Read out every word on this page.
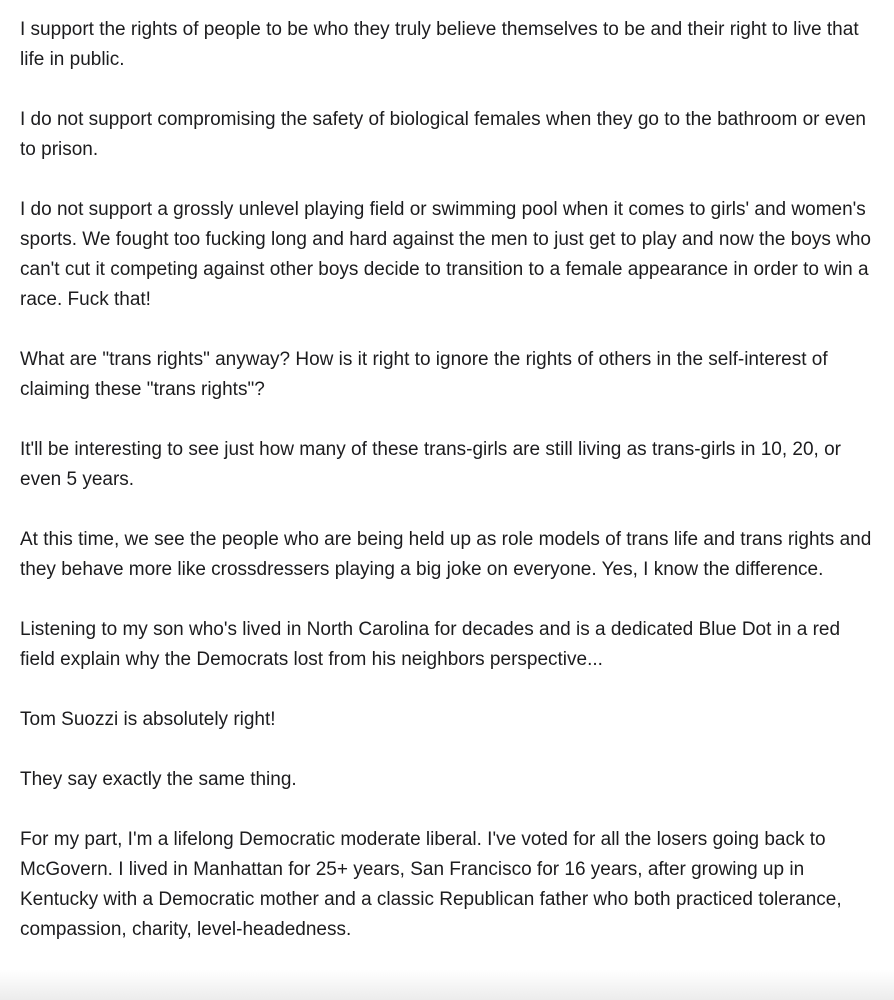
I support the rights of people to be who they truly believe themselves to be and their right to live that life in public.

I do not support compromising the safety of biological females when they go to the bathroom or even to prison.

I do not support a grossly unlevel playing field or swimming pool when it comes to girls' and women's sports. We fought too fucking long and hard against the men to just get to play and now the boys who can't cut it competing against other boys decide to transition to a female appearance in order to win a race. Fuck that!

What are "trans rights" anyway? How is it right to ignore the rights of others in the self-interest of claiming these "trans rights"?

It'll be interesting to see just how many of these trans-girls are still living as trans-girls in 10, 20, or even 5 years.

At this time, we see the people who are being held up as role models of trans life and trans rights and they behave more like crossdressers playing a big joke on everyone. Yes, I know the difference.

Listening to my son who's lived in North Carolina for decades and is a dedicated Blue Dot in a red field explain why the Democrats lost from his neighbors perspective...

Tom Suozzi is absolutely right!

They say exactly the same thing.

For my part, I'm a lifelong Democratic moderate liberal. I've voted for all the losers going back to McGovern. I lived in Manhattan for 25+ years, San Francisco for 16 years, after growing up in Kentucky with a Democratic mother and a classic Republican father who both practiced tolerance, compassion, charity, level-headedness.
